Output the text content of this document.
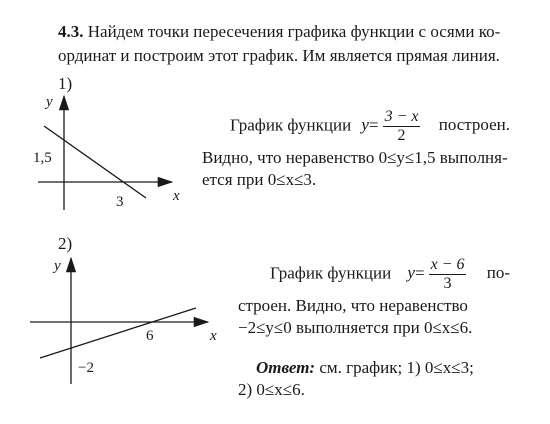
4.3. Найдем точки пересечения графика функции с осями ко-
ординат и построим этот график. Им является прямая линия.
1)
y
x
1,5
3
График функции $y= \frac{3 - x}{2}$ построен.
Видно, что неравенство 0≤y≤1,5 выполня-
ется при 0≤x≤3.
2)
y
x
−2
6
График функции $y= \frac{x - 6}{3} по-$
строен. Видно, что неравенство
−2≤y≤0 выполняется при 0≤x≤6.
Ответ: см. график; 1) 0≤x≤3;
2) 0≤x≤6.
